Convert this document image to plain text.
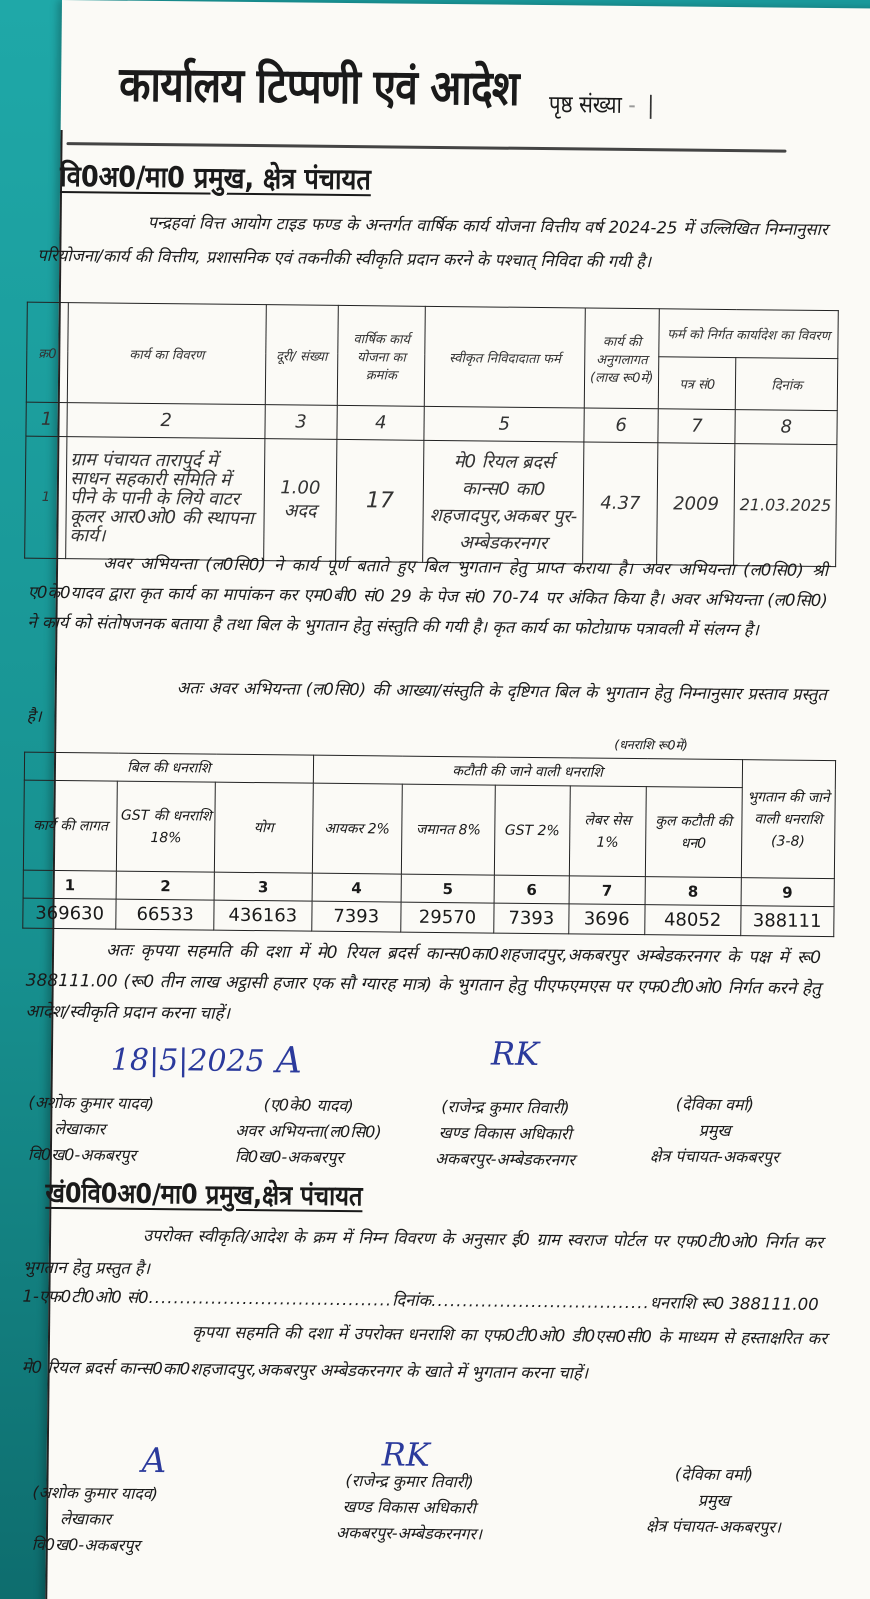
कार्यालय टिप्पणी एवं आदेश पृष्ठ संख्या - |
वि0अ0/मा0 प्रमुख, क्षेत्र पंचायत
पन्द्रहवां वित्त आयोग टाइड फण्ड के अन्तर्गत वार्षिक कार्य योजना वित्तीय वर्ष 2024-25 में उल्लिखित निम्नानुसार परियोजना/कार्य की वित्तीय, प्रशासनिक एवं तकनीकी स्वीकृति प्रदान करने के पश्चात् निविदा की गयी है।
क्र0	कार्य का विवरण	दूरी/ संख्या	वार्षिक कार्य योजना का क्रमांक	स्वीकृत निविदादाता फर्म	कार्य की अनुगलागत (लाख रू0में)	फर्म को निर्गत कार्यादेश का विवरण	
						पत्र सं0	दिनांक
1	2	3	4	5	6	7	8
1	ग्राम पंचायत तारापुर्द में साधन सहकारी समिति में पीने के पानी के लिये वाटर कूलर आर0ओ0 की स्थापना कार्य।	1.00 अदद	17	मे0 रियल ब्रदर्स कान्स0 का0 शहजादपुर,अकबर पुर-अम्बेडकरनगर	4.37	2009	21.03.2025
अवर अभियन्ता (ल0सि0) ने कार्य पूर्ण बताते हुए बिल भुगतान हेतु प्राप्त कराया है। अवर अभियन्ता (ल0सि0) श्री ए0के0यादव द्वारा कृत कार्य का मापांकन कर एम0बी0 सं0 29 के पेज सं0 70-74 पर अंकित किया है। अवर अभियन्ता (ल0सि0) ने कार्य को संतोषजनक बताया है तथा बिल के भुगतान हेतु संस्तुति की गयी है। कृत कार्य का फोटोग्राफ पत्रावली में संलग्न है।
अतः अवर अभियन्ता (ल0सि0) की आख्या/संस्तुति के दृष्टिगत बिल के भुगतान हेतु निम्नानुसार प्रस्ताव प्रस्तुत है।
(धनराशि रू0में)
बिल की धनराशि			कटौती की जाने वाली धनराशि					भुगतान की जाने वाली धनराशि (3-8)
कार्य की लागत	GST की धनराशि 18%	योग	आयकर 2%	जमानत 8%	GST 2%	लेबर सेस 1%	कुल कटौती की धन0	
1	2	3	4	5	6	7	8	9
369630	66533	436163	7393	29570	7393	3696	48052	388111
अतः कृपया सहमति की दशा में मे0 रियल ब्रदर्स कान्स0का0शहजादपुर,अकबरपुर अम्बेडकरनगर के पक्ष में रू0 388111.00 (रू0 तीन लाख अट्ठासी हजार एक सौ ग्यारह मात्र) के भुगतान हेतु पीएफएमएस पर एफ0टी0ओ0 निर्गत करने हेतु आदेश/स्वीकृति प्रदान करना चाहें।
18|5|2025 A	RK
(अशोक कुमार यादव)
लेखाकार
वि0ख0-अकबरपुर
(ए0के0 यादव)
अवर अभियन्ता(ल0सि0)
वि0ख0-अकबरपुर
(राजेन्द्र कुमार तिवारी)
खण्ड विकास अधिकारी
अकबरपुर-अम्बेडकरनगर
(देविका वर्मा)
प्रमुख
क्षेत्र पंचायत-अकबरपुर
खं0वि0अ0/मा0 प्रमुख,क्षेत्र पंचायत
उपरोक्त स्वीकृति/आदेश के क्रम में निम्न विवरण के अनुसार ई0 ग्राम स्वराज पोर्टल पर एफ0टी0ओ0 निर्गत कर भुगतान हेतु प्रस्तुत है।
1-एफ0टी0ओ0 सं0.......................................दिनांक...................................धनराशि रू0 388111.00
कृपया सहमति की दशा में उपरोक्त धनराशि का एफ0टी0ओ0 डी0एस0सी0 के माध्यम से हस्ताक्षरित कर मे0 रियल ब्रदर्स कान्स0का0शहजादपुर,अकबरपुर अम्बेडकरनगर के खाते में भुगतान करना चाहें।
A	RK
(अशोक कुमार यादव)
लेखाकार
वि0ख0-अकबरपुर
(राजेन्द्र कुमार तिवारी)
खण्ड विकास अधिकारी
अकबरपुर-अम्बेडकरनगर।
(देविका वर्मा)
प्रमुख
क्षेत्र पंचायत-अकबरपुर।
